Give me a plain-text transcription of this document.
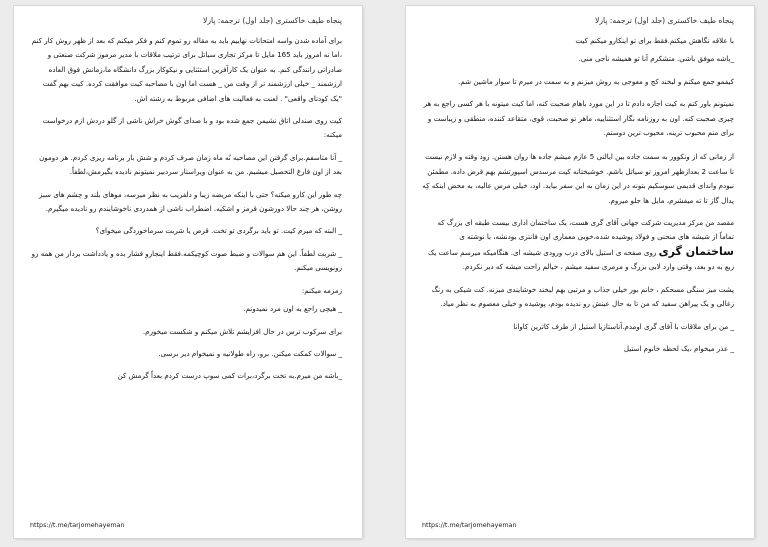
پنجاه طیف خاکستری (جلد اول) ترجمه: پارلا

برای آماده شدن واسه امتحانات نهاییم باید به مقاله رو تموم کنم و فکر میکنم که بعد از ظهر روش کار کنم ،اما نه امروز باید 165 مایل تا مرکز تجاری سیاتل برای ترتیب ملاقات با مدیر مرموز شرکت صنعتی و صادراتی رانندگی کنم. به عنوان یک کارآفرین استثنایی و نیکوکار بزرگ دانشگاه ما،زمانش فوق العاده ارزشمند _ خیلی ارزشمند تر از وقت من _ هست اما اون با مصاحبه کیت موافقت کرده. کیت بهم گفت "یک کودتای واقعی" . لعنت به فعالیت های اضافی مربوط به رشته اش.

کیت روی صندلی اتاق نشیمن جمع شده بود و با صدای گوش خراش ناشی از گلو دردش ازم درخواست میکنه:

_ آنا متاسفم.برای گرفتن این مصاحبه نُه ماه زمان صرف کردم و شش بار برنامه ریزی کردم. هر دومون بعد از اون فارغ التحصیل میشیم. من به عنوان ویراستار سردبیر نمیتونم نادیده بگیرمش،لطفاً.

چه طور این کارو میکنه؟ حتی با اینکه مریضه زیبا و دلفریب به نظر میرسه، موهای بلند و چشم های سبز روشن، هر چند حالا دورشون قرمز و اشکیه. اضطراب ناشی از همدردی ناخوشایندم رو نادیده میگیرم.

_ البته که میرم کیت. تو باید برگردی تو تخت. قرص یا شربت سرماخوردگی میخوای؟

_ شربت لطفاً. این هم سوالات و ضبط صوت کوچیکمه.فقط اینجارو فشار بده و یادداشت بردار من همه رو رونویسی میکنم.

زمزمه میکنم:

_ هیچی راجع به اون مرد نمیدونم.

برای سرکوب ترس در حال افزایشم تلاش میکنم و شکست میخورم.

_ سوالات کمکت میکنن. برو، راه طولانیه و نمیخوام دیر برسی.

_باشه من میرم.به تخت برگرد،برات کمی سوپ درست کردم بعداً گرمش کن

https://t.me/tarjomehayeman
پنجاه طیف خاکستری (جلد اول) ترجمه: پارلا

با علاقه نگاهش میکنم.فقط برای تو اینکارو میکنم کیت

_باشه موفق باشی. متشکرم آنا تو همیشه ناجی منی.

کیفمو جمع میکنم و لبخند کج و معوجی به روش میزنم و به سمت در میرم تا سوار ماشین شم.

نمیتونم باور کنم به کیت اجازه دادم تا در این مورد باهام صحبت کنه، اما کیت میتونه با هر کسی راجع به هر چیزی صحبت کنه. اون به روزنامه نگار استثناییه، ماهر تو صحبت، قوی، متقاعد کننده، منطقی و زیباست و برای منم محبوب ترینه، محبوب ترین دوستم.

از زمانی که از ونکوور به سمت جاده بین ایالتی 5 عازم میشم جاده ها روان هستن. زود وقته و لازم نیست تا ساعت 2 بعدازظهر امروز تو سیاتل باشم. خوشبختانه کیت مرسدس اسپورتشم بهم قرض داده. مطمئن نبودم واندای قدیمی سوسکیم بتونه در این زمان به این سفر بیاید. اود، خیلی مرس عالیه، به محض اینکه کِه پدال گاز تا ته میفشرم، مایل ها جلو میروم.

مقصد من مرکز مدیریت شرکت جهانی آقای گری هست، یک ساختمان اداری بیست طبقه ای بزرگ که تماماً از شیشه های منحنی و فولاد پوشیده شده،خوبی معماری اون فانتزی بودنشه، با نوشته ی ساختمان گری روی صفحه ی استیل بالای درب ورودی شیشه ای. هنگامیکه میرسم ساعت یک ربع به دو بعد، وقتی وارد لابی بزرگ و مرمری سفید میشم ، خیالم راحت میشه که دیر نکردم.

پشت میز سنگی مسحکم ، خانم بور خیلی جذاب و مرتبی بهم لبخند خوشایندی میزنه. کت شیکی به رنگ زغالی و یک پیراهن سفید که من تا به حال عینش رو ندیده بودم، پوشیده و خیلی معصوم به نظر میاد.

_ من برای ملاقات با آقای گری اومدم.آناستازیا استیل از طرف کاترین کاوانا

_ عذر میخوام ،یک لحظه خانوم استیل

https://t.me/tarjomehayeman
